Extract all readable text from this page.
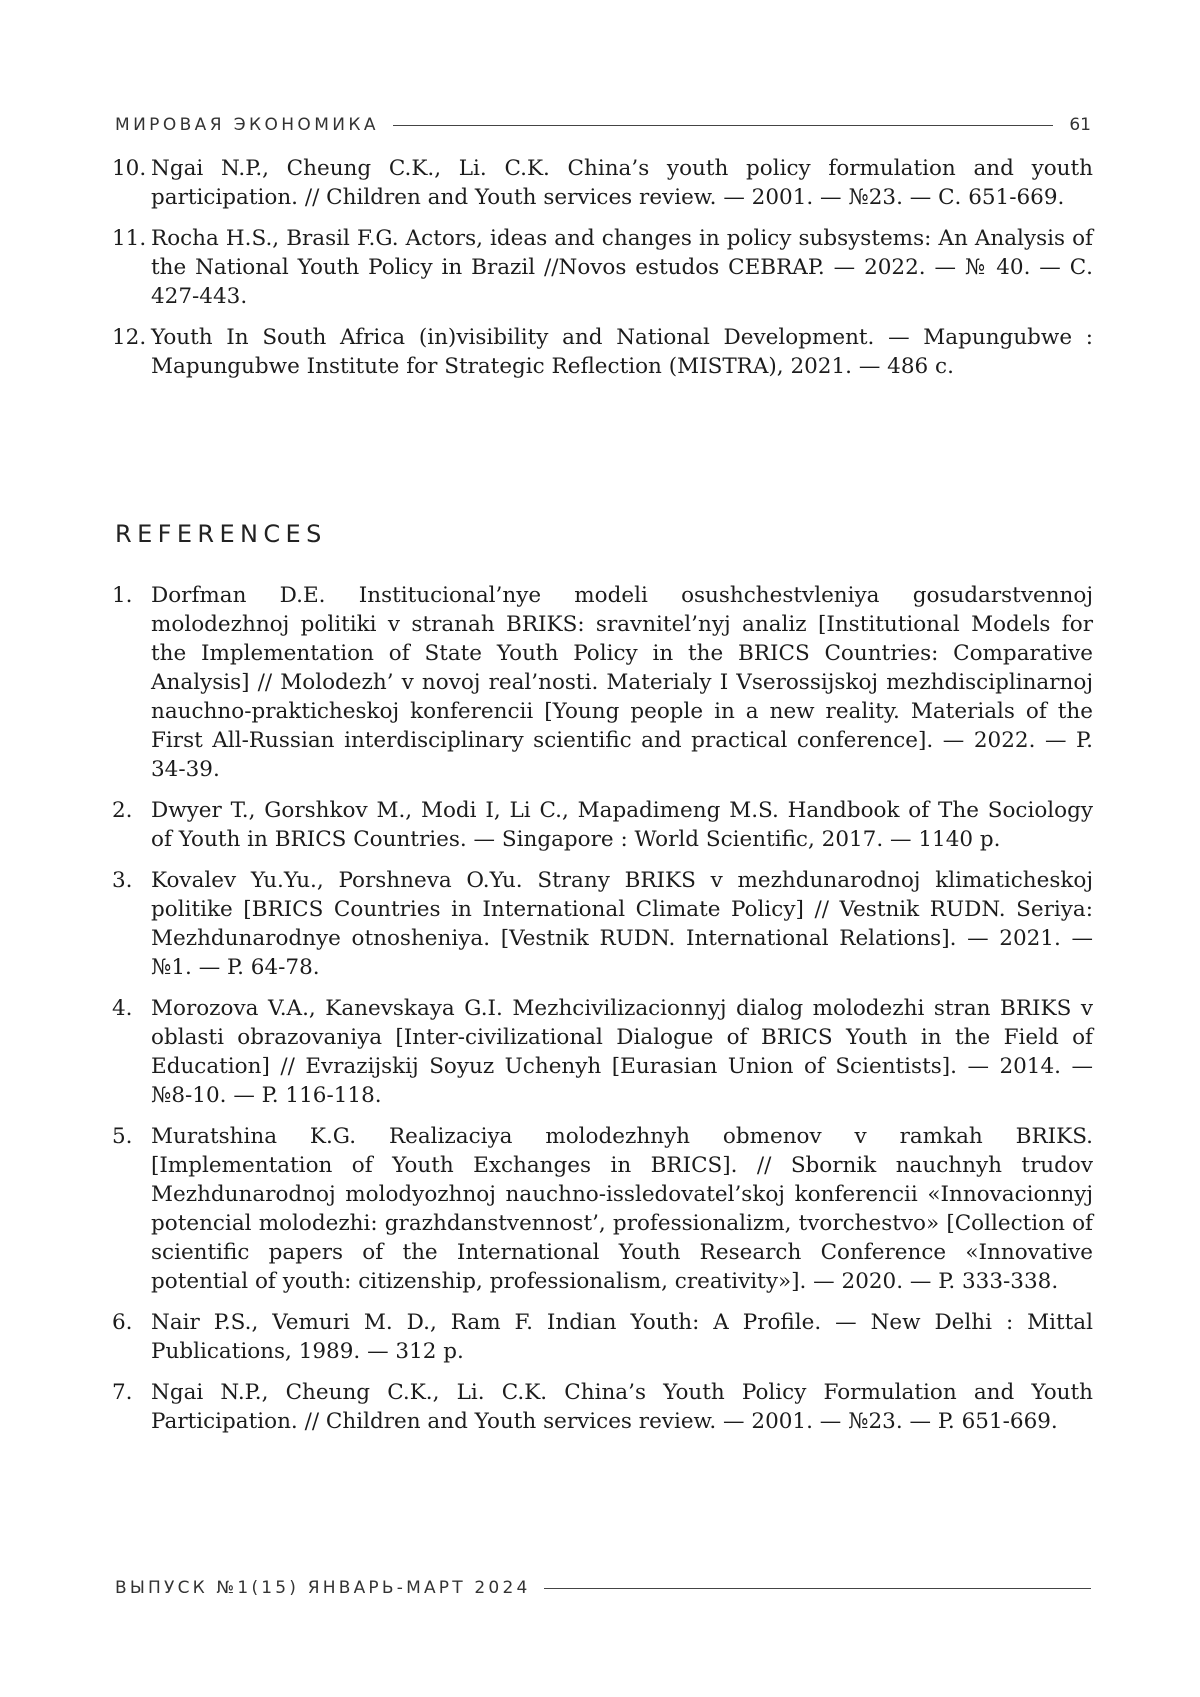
МИРОВАЯ ЭКОНОМИКА	61
10. Ngai N.P., Cheung C.K., Li. C.K. China’s youth policy formulation and youth participation. // Children and Youth services review. — 2001. — №23. — С. 651-669.
11. Rocha H.S., Brasil F.G. Actors, ideas and changes in policy subsystems: An Analysis of the National Youth Policy in Brazil //Novos estudos CEBRAP. — 2022. — № 40. — С. 427-443.
12. Youth In South Africa (in)visibility and National Development. — Mapungubwe : Mapungubwe Institute for Strategic Reflection (MISTRA), 2021. — 486 с.
REFERENCES
1. Dorfman D.E. Institucional’nye modeli osushchestvleniya gosudarstvennoj molodezhnoj politiki v stranah BRIKS: sravnitel’nyj analiz [Institutional Models for the Implementation of State Youth Policy in the BRICS Countries: Comparative Analysis] // Molodezh’ v novoj real’nosti. Materialy I Vserossijskoj mezhdisciplinarnoj nauchno-prakticheskoj konferencii [Young people in a new reality. Materials of the First All-Russian interdisciplinary scientific and practical conference]. — 2022. — P. 34-39.
2. Dwyer T., Gorshkov M., Modi I, Li C., Mapadimeng M.S. Handbook of The Sociology of Youth in BRICS Countries. — Singapore : World Scientific, 2017. — 1140 p.
3. Kovalev Yu.Yu., Porshneva O.Yu. Strany BRIKS v mezhdunarodnoj klimaticheskoj politike [BRICS Countries in International Climate Policy] // Vestnik RUDN. Seriya: Mezhdunarodnye otnosheniya. [Vestnik RUDN. International Relations]. — 2021. — №1. — P. 64-78.
4. Morozova V.A., Kanevskaya G.I. Mezhcivilizacionnyj dialog molodezhi stran BRIKS v oblasti obrazovaniya [Inter-civilizational Dialogue of BRICS Youth in the Field of Education] // Evrazijskij Soyuz Uchenyh [Eurasian Union of Scientists]. — 2014. — №8-10. — P. 116-118.
5. Muratshina K.G. Realizaciya molodezhnyh obmenov v ramkah BRIKS. [Implementation of Youth Exchanges in BRICS]. // Sbornik nauchnyh trudov Mezhdunarodnoj molodyozhnoj nauchno-issledovatel’skoj konferencii «Innovacionnyj potencial molodezhi: grazhdanstvennost’, professionalizm, tvorchestvo» [Collection of scientific papers of the International Youth Research Conference «Innovative potential of youth: citizenship, professionalism, creativity»]. — 2020. — P. 333-338.
6. Nair P.S., Vemuri M. D., Ram F. Indian Youth: A Profile. — New Delhi : Mittal Publications, 1989. — 312 p.
7. Ngai N.P., Cheung C.K., Li. C.K. China’s Youth Policy Formulation and Youth Participation. // Children and Youth services review. — 2001. — №23. — P. 651-669.
ВЫПУСК №1(15) ЯНВАРЬ-МАРТ 2024
